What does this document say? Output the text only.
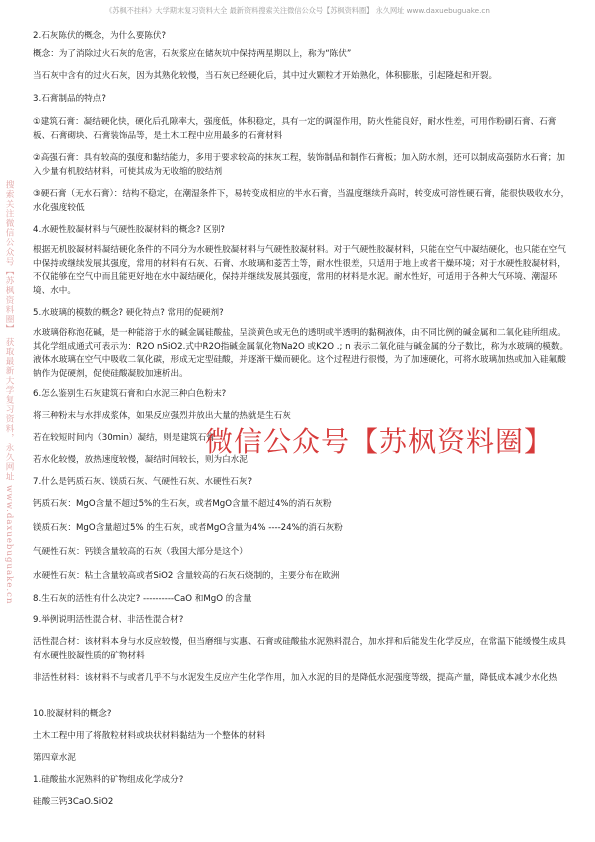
《苏枫不挂科》大学期末复习资料大全 最新资料搜索关注微信公众号【苏枫资料圈】 永久网址 www.daxuebuguake.cn
搜索关注微信公众号【苏枫资料圈】 获取最新大学复习资料，永久网址 www.daxuebuguake.cn

2.石灰陈伏的概念，为什么要陈伏?

概念：为了消除过火石灰的危害，石灰浆应在储灰坑中保持两星期以上，称为“陈伏”

当石灰中含有的过火石灰，因为其熟化较慢，当石灰已经硬化后，其中过火颗粒才开始熟化，体积膨胀，引起隆起和开裂。

3.石膏制品的特点?

①建筑石膏：凝结硬化快，硬化后孔隙率大，强度低，体积稳定，具有一定的调湿作用，防火性能良好，耐水性差，可用作粉刷石膏、石膏板、石膏砌块、石膏装饰品等，是土木工程中应用最多的石膏材料

②高强石膏：具有较高的强度和黏结能力，多用于要求较高的抹灰工程，装饰制品和制作石膏板；加入防水剂，还可以制成高强防水石膏；加入少量有机胶结材料，可使其成为无收缩的胶结剂

③硬石膏（无水石膏）：结构不稳定，在潮湿条件下，易转变成相应的半水石膏，当温度继续升高时，转变成可溶性硬石膏，能很快吸收水分，水化强度较低

4.水硬性胶凝材料与气硬性胶凝材料的概念? 区别?

根据无机胶凝材料凝结硬化条件的不同分为水硬性胶凝材料与气硬性胶凝材料。对于气硬性胶凝材料，只能在空气中凝结硬化，也只能在空气中保持或继续发展其强度，常用的材料有石灰、石膏、水玻璃和菱苦土等，耐水性很差，只适用于地上或者干燥环境；对于水硬性胶凝材料，不仅能够在空气中而且能更好地在水中凝结硬化，保持并继续发展其强度，常用的材料是水泥。耐水性好，可适用于各种大气环境、潮湿环境、水中。

5.水玻璃的模数的概念? 硬化特点? 常用的促硬剂?

水玻璃俗称泡花碱，是一种能溶于水的碱金属硅酸盐，呈淡黄色或无色的透明或半透明的黏稠液体，由不同比例的碱金属和二氧化硅所组成。其化学组成通式可表示为：R2O nSiO2.式中R2O指碱金属氧化物Na2O 或K2O .; n 表示二氧化硅与碱金属的分子数比，称为水玻璃的模数。液体水玻璃在空气中吸收二氧化碳，形成无定型硅酸，并逐渐干燥而硬化。这个过程进行很慢，为了加速硬化，可将水玻璃加热或加入硅氟酸钠作为促硬剂，促使硅酸凝胶加速析出。

6.怎么鉴别生石灰建筑石膏和白水泥三种白色粉末?

将三种粉末与水拌成浆体，如果反应强烈并放出大量的热就是生石灰

若在较短时间内（30min）凝结，则是建筑石膏

若水化较慢，放热速度较慢，凝结时间较长，则为白水泥

7.什么是钙质石灰、镁质石灰、气硬性石灰、水硬性石灰?

钙质石灰：MgO含量不超过5%的生石灰，或者MgO含量不超过4%的消石灰粉

镁质石灰：MgO含量超过5% 的生石灰，或者MgO含量为4% ----24%的消石灰粉

气硬性石灰：钙镁含量较高的石灰（我国大部分是这个）

水硬性石灰：粘土含量较高或者SiO2 含量较高的石灰石烧制的，主要分布在欧洲

8.生石灰的活性有什么决定? ----------CaO 和MgO 的含量

9.举例说明活性混合材、非活性混合材?

活性混合材：该材料本身与水反应较慢，但当磨细与实惠、石膏或硅酸盐水泥熟料混合，加水拌和后能发生化学反应，在常温下能缓慢生成具有水硬性胶凝性质的矿物材料

非活性材料：该材料不与或者几乎不与水泥发生反应产生化学作用，加入水泥的目的是降低水泥强度等级，提高产量，降低成本减少水化热

10.胶凝材料的概念?

土木工程中用了将散粒材料或块状材料黏结为一个整体的材料

第四章水泥

1.硅酸盐水泥熟料的矿物组成化学成分?

硅酸三钙3CaO.SiO2

微信公众号【苏枫资料圈】
